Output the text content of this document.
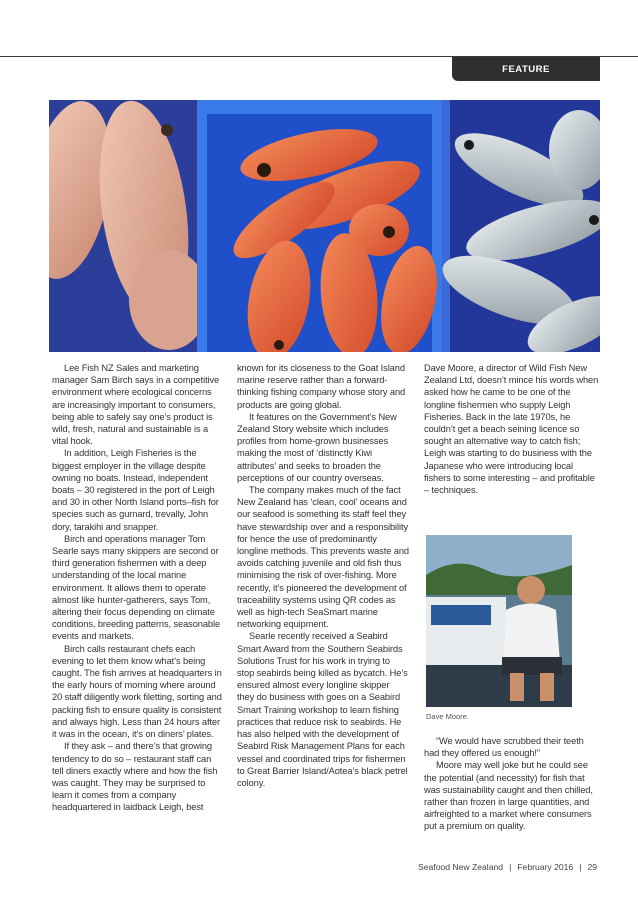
FEATURE

Lee Fish NZ Sales and marketing manager Sam Birch says in a competitive environment where ecological concerns are increasingly important to consumers, being able to safely say one’s product is wild, fresh, natural and sustainable is a vital hook.

In addition, Leigh Fisheries is the biggest employer in the village despite owning no boats. Instead, independent boats – 30 registered in the port of Leigh and 30 in other North Island ports–fish for species such as gurnard, trevally, John dory, tarakihi and snapper.

Birch and operations manager Tom Searle says many skippers are second or third generation fishermen with a deep understanding of the local marine environment. It allows them to operate almost like hunter-gatherers, says Tom, altering their focus depending on climate conditions, breeding patterns, seasonable events and markets.

Birch calls restaurant chefs each evening to let them know what’s being caught. The fish arrives at headquarters in the early hours of morning where around 20 staff diligently work filetting, sorting and packing fish to ensure quality is consistent and always high. Less than 24 hours after it was in the ocean, it’s on diners’ plates.

If they ask – and there’s that growing tendency to do so – restaurant staff can tell diners exactly where and how the fish was caught. They may be surprised to learn it comes from a company headquartered in laidback Leigh, best

known for its closeness to the Goat Island marine reserve rather than a forward-thinking fishing company whose story and products are going global.

It features on the Government’s New Zealand Story website which includes profiles from home-grown businesses making the most of ‘distinctly Kiwi attributes’ and seeks to broaden the perceptions of our country overseas.

The company makes much of the fact New Zealand has ‘clean, cool’ oceans and our seafood is something its staff feel they have stewardship over and a responsibility for hence the use of predominantly longline methods. This prevents waste and avoids catching juvenile and old fish thus minimising the risk of over-fishing. More recently, it’s pioneered the development of traceability systems using QR codes as well as high-tech SeaSmart marine networking equipment.

Searle recently received a Seabird Smart Award from the Southern Seabirds Solutions Trust for his work in trying to stop seabirds being killed as bycatch. He’s ensured almost every longline skipper they do business with goes on a Seabird Smart Training workshop to learn fishing practices that reduce risk to seabirds. He has also helped with the development of Seabird Risk Management Plans for each vessel and coordinated trips for fishermen to Great Barrier Island/Aotea’s black petrel colony.

Dave Moore, a director of Wild Fish New Zealand Ltd, doesn’t mince his words when asked how he came to be one of the longline fishermen who supply Leigh Fisheries. Back in the late 1970s, he couldn’t get a beach seining licence so sought an alternative way to catch fish; Leigh was starting to do business with the Japanese who were introducing local fishers to some interesting – and profitable – techniques.

Dave Moore.

“We would have scrubbed their teeth had they offered us enough!”

Moore may well joke but he could see the potential (and necessity) for fish that was sustainability caught and then chilled, rather than frozen in large quantities, and airfreighted to a market where consumers put a premium on quality.

Seafood New Zealand | February 2016 | 29
